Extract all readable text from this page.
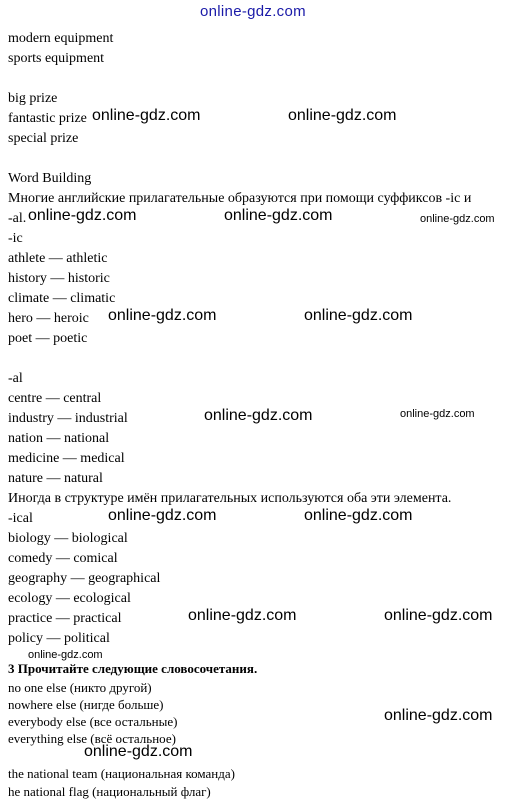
modern equipment
sports equipment
big prize
fantastic prize
special prize
Word Building
Многие английские прилагательные образуются при помощи суффиксов -ic и
-al.
-ic
athlete — athletic
history — historic
climate — climatic
hero — heroic
poet — poetic
-al
centre — central
industry — industrial
nation — national
medicine — medical
nature — natural
Иногда в структуре имён прилагательных используются оба эти элемента.
-ical
biology — biological
comedy — comical
geography — geographical
ecology — ecological
practice — practical
policy — political
3 Прочитайте следующие словосочетания.
no one else (никто другой)
nowhere else (нигде больше)
everybody else (все остальные)
everything else (всё остальное)
the national team (национальная команда)
he national flag (национальный флаг)
online-gdz.com
online-gdz.com	online-gdz.com
online-gdz.com	online-gdz.com	online-gdz.com
online-gdz.com	online-gdz.com
online-gdz.com	online-gdz.com
online-gdz.com	online-gdz.com
online-gdz.com	online-gdz.com
online-gdz.com
online-gdz.com
online-gdz.com
